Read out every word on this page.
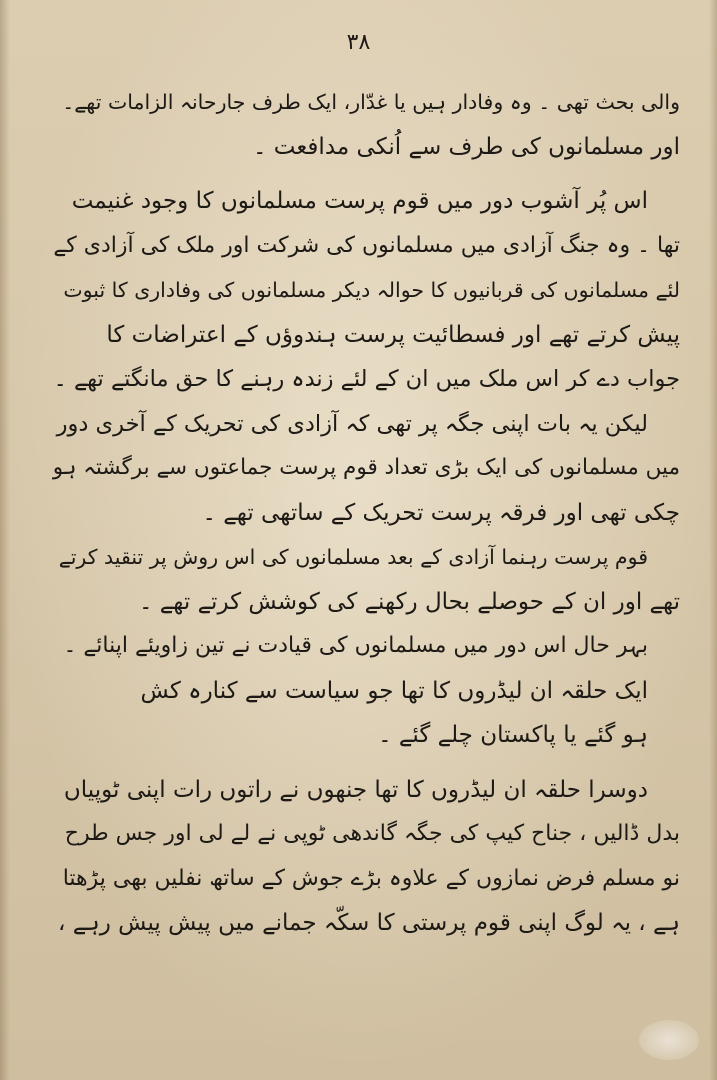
۳۸
والی بحث تھی ۔ وہ وفادار ہیں یا غدّار، ایک طرف جارحانہ الزامات تھے۔
اور مسلمانوں کی طرف سے اُنکی مدافعت ۔
اس پُر آشوب دور میں قوم پرست مسلمانوں کا وجود غنیمت
تھا ۔ وہ جنگ آزادی میں مسلمانوں کی شرکت اور ملک کی آزادی کے
لئے مسلمانوں کی قربانیوں کا حوالہ دیکر مسلمانوں کی وفاداری کا ثبوت
پیش کرتے تھے اور فسطائیت پرست ہندوؤں کے اعتراضات کا
جواب دے کر اس ملک میں ان کے لئے زندہ رہنے کا حق مانگتے تھے ۔
لیکن یہ بات اپنی جگہ پر تھی کہ آزادی کی تحریک کے آخری دور
میں مسلمانوں کی ایک بڑی تعداد قوم پرست جماعتوں سے برگشتہ ہو
چکی تھی اور فرقہ پرست تحریک کے ساتھی تھے ۔
قوم پرست رہنما آزادی کے بعد مسلمانوں کی اس روش پر تنقید کرتے
تھے اور ان کے حوصلے بحال رکھنے کی کوشش کرتے تھے ۔
بہر حال اس دور میں مسلمانوں کی قیادت نے تین زاویئے اپنائے ۔
ایک حلقہ ان لیڈروں کا تھا جو سیاست سے کنارہ کش
ہو گئے یا پاکستان چلے گئے ۔
دوسرا حلقہ ان لیڈروں کا تھا جنھوں نے راتوں رات اپنی ٹوپیاں
بدل ڈالیں ، جناح کیپ کی جگہ گاندھی ٹوپی نے لے لی اور جس طرح
نو مسلم فرض نمازوں کے علاوہ بڑے جوش کے ساتھ نفلیں بھی پڑھتا
ہے ، یہ لوگ اپنی قوم پرستی کا سکّہ جمانے میں پیش پیش رہے ،
